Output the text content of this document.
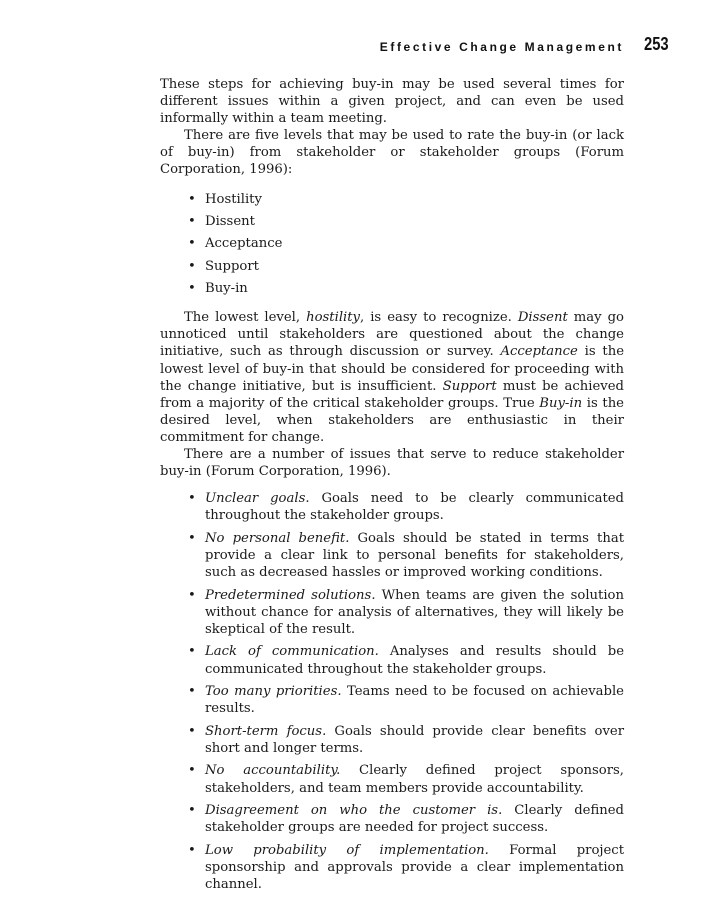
Effective Change Management 253

These steps for achieving buy-in may be used several times for different issues within a given project, and can even be used informally within a team meeting.

There are five levels that may be used to rate the buy-in (or lack of buy-in) from stakeholder or stakeholder groups (Forum Corporation, 1996):

• Hostility
• Dissent
• Acceptance
• Support
• Buy-in

The lowest level, hostility, is easy to recognize. Dissent may go unnoticed until stakeholders are questioned about the change initiative, such as through discussion or survey. Acceptance is the lowest level of buy-in that should be considered for proceeding with the change initiative, but is insufficient. Support must be achieved from a majority of the critical stakeholder groups. True Buy-in is the desired level, when stakeholders are enthusiastic in their commitment for change.

There are a number of issues that serve to reduce stakeholder buy-in (Forum Corporation, 1996).

• Unclear goals. Goals need to be clearly communicated throughout the stakeholder groups.
• No personal benefit. Goals should be stated in terms that provide a clear link to personal benefits for stakeholders, such as decreased hassles or improved working conditions.
• Predetermined solutions. When teams are given the solution without chance for analysis of alternatives, they will likely be skeptical of the result.
• Lack of communication. Analyses and results should be communicated throughout the stakeholder groups.
• Too many priorities. Teams need to be focused on achievable results.
• Short-term focus. Goals should provide clear benefits over short and longer terms.
• No accountability. Clearly defined project sponsors, stakeholders, and team members provide accountability.
• Disagreement on who the customer is. Clearly defined stakeholder groups are needed for project success.
• Low probability of implementation. Formal project sponsorship and approvals provide a clear implementation channel.
